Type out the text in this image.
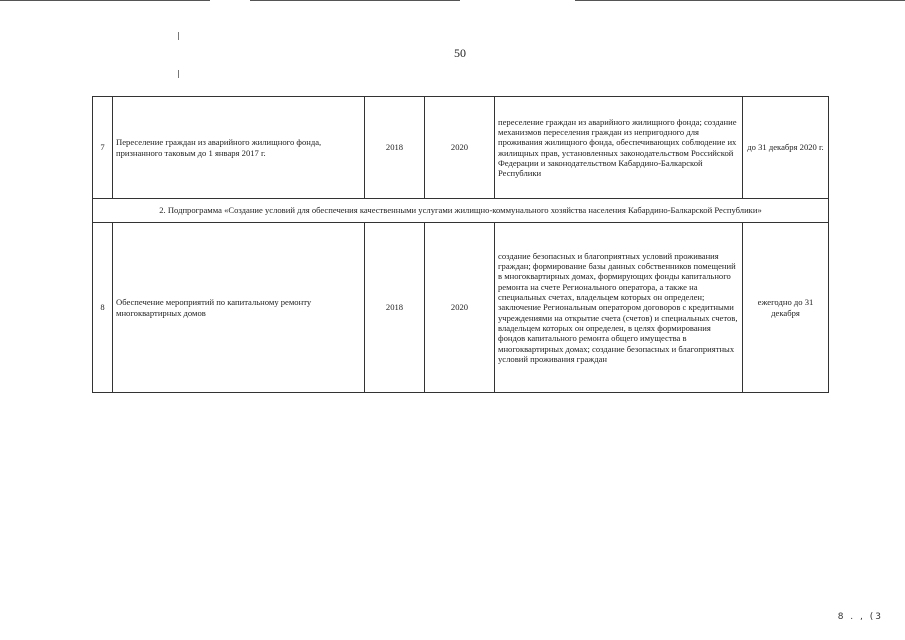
50
7	Переселение граждан из аварийного жилищного фонда, признанного таковым до 1 января 2017 г.	2018	2020	переселение граждан из аварийного жилищного фонда; создание механизмов переселения граждан из непригодного для проживания жилищного фонда, обеспечивающих соблюдение их жилищных прав, установленных законодательством Российской Федерации и законодательством Кабардино-Балкарской Республики	до 31 декабря 2020 г.
2. Подпрограмма «Создание условий для обеспечения качественными услугами жилищно-коммунального хозяйства населения Кабардино-Балкарской Республики»					
8	Обеспечение мероприятий по капитальному ремонту многоквартирных домов	2018	2020	создание безопасных и благоприятных условий проживания граждан; формирование базы данных собственников помещений в многоквартирных домах, формирующих фонды капитального ремонта на счете Регионального оператора, а также на специальных счетах, владельцем которых он определен; заключение Региональным оператором договоров с кредитными учреждениями на открытие счета (счетов) и специальных счетов, владельцем которых он определен, в целях формирования фондов капитального ремонта общего имущества в многоквартирных домах; создание безопасных и благоприятных условий проживания граждан	ежегодно до 31 декабря
8 . , (3
